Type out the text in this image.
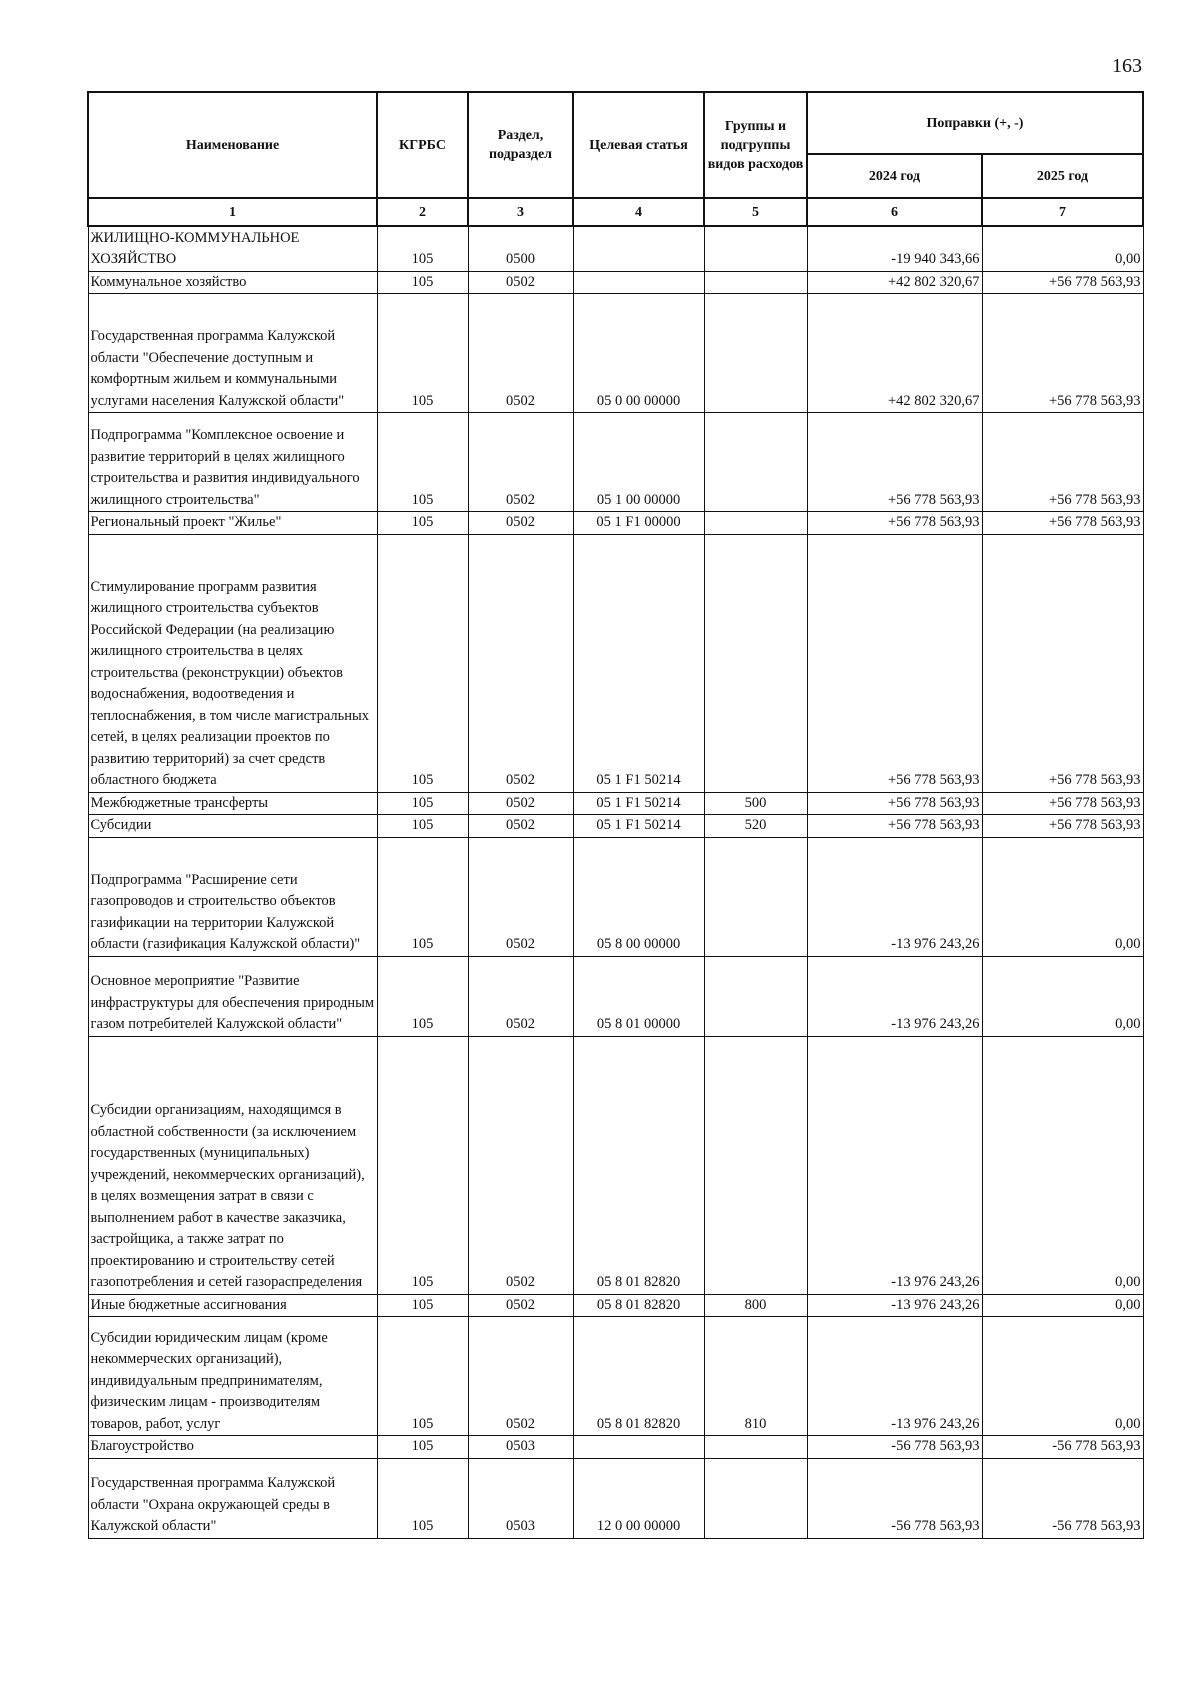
163
Наименование	КГРБС	Раздел, подраздел	Целевая статья	Группы и подгруппы видов расходов	Поправки (+, -)	
					2024 год	2025 год
1	2	3	4	5	6	7
ЖИЛИЩНО-КОММУНАЛЬНОЕ ХОЗЯЙСТВО	105	0500			-19 940 343,66	0,00
Коммунальное хозяйство	105	0502			+42 802 320,67	+56 778 563,93
Государственная программа Калужской области "Обеспечение доступным и комфортным жильем и коммунальными услугами населения Калужской области"	105	0502	05 0 00 00000		+42 802 320,67	+56 778 563,93
Подпрограмма "Комплексное освоение и развитие территорий в целях жилищного строительства и развития индивидуального жилищного строительства"	105	0502	05 1 00 00000		+56 778 563,93	+56 778 563,93
Региональный проект "Жилье"	105	0502	05 1 F1 00000		+56 778 563,93	+56 778 563,93
Стимулирование программ развития жилищного строительства субъектов Российской Федерации (на реализацию жилищного строительства в целях строительства (реконструкции) объектов водоснабжения, водоотведения и теплоснабжения, в том числе магистральных сетей, в целях реализации проектов по развитию территорий) за счет средств областного бюджета	105	0502	05 1 F1 50214		+56 778 563,93	+56 778 563,93
Межбюджетные трансферты	105	0502	05 1 F1 50214	500	+56 778 563,93	+56 778 563,93
Субсидии	105	0502	05 1 F1 50214	520	+56 778 563,93	+56 778 563,93
Подпрограмма "Расширение сети газопроводов и строительство объектов газификации на территории Калужской области (газификация Калужской области)"	105	0502	05 8 00 00000		-13 976 243,26	0,00
Основное мероприятие "Развитие инфраструктуры для обеспечения природным газом потребителей Калужской области"	105	0502	05 8 01 00000		-13 976 243,26	0,00
Субсидии организациям, находящимся в областной собственности (за исключением государственных (муниципальных) учреждений, некоммерческих организаций), в целях возмещения затрат в связи с выполнением работ в качестве заказчика, застройщика, а также затрат по проектированию и строительству сетей газопотребления и сетей газораспределения	105	0502	05 8 01 82820		-13 976 243,26	0,00
Иные бюджетные ассигнования	105	0502	05 8 01 82820	800	-13 976 243,26	0,00
Субсидии юридическим лицам (кроме некоммерческих организаций), индивидуальным предпринимателям, физическим лицам - производителям товаров, работ, услуг	105	0502	05 8 01 82820	810	-13 976 243,26	0,00
Благоустройство	105	0503			-56 778 563,93	-56 778 563,93
Государственная программа Калужской области "Охрана окружающей среды в Калужской области"	105	0503	12 0 00 00000		-56 778 563,93	-56 778 563,93
